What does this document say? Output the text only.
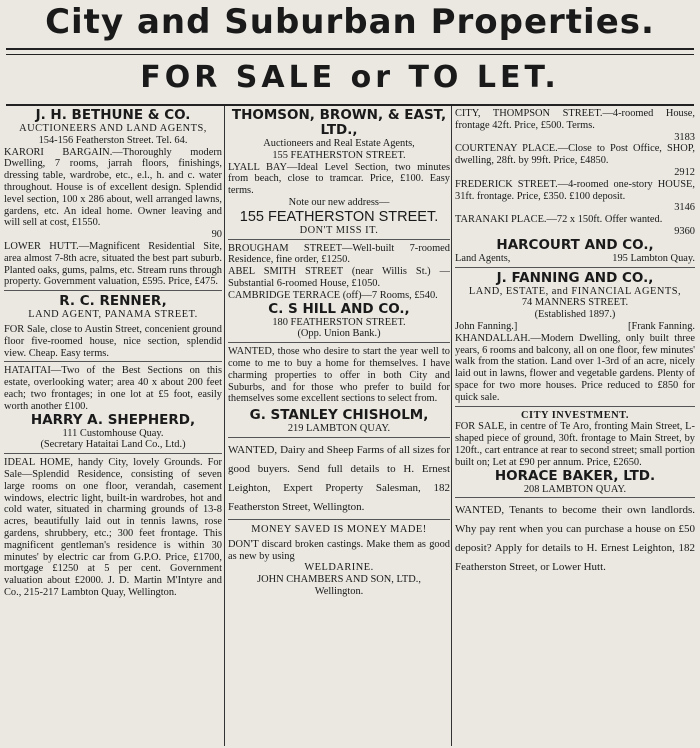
City and Suburban Properties.
FOR SALE or TO LET.
J. H. BETHUNE & CO.
AUCTIONEERS AND LAND AGENTS,
154-156 Featherston Street. Tel. 64.

KARORI BARGAIN.—Thoroughly modern Dwelling, 7 rooms, jarrah floors, finishings, dressing table, wardrobe, etc., e.l., h. and c. water throughout. House is of excellent design. Splendid level section, 100 x 286 about, well arranged lawns, gardens, etc. An ideal home. Owner leaving and will sell at cost, £1550.

90

LOWER HUTT.—Magnificent Residential Site, area almost 7-8th acre, situated the best part suburb. Planted oaks, gums, palms, etc. Stream runs through property. Government valuation, £595. Price, £475.

R. C. RENNER,
LAND AGENT, PANAMA STREET.

FOR Sale, close to Austin Street, concenient ground floor five-roomed house, nice section, splendid view. Cheap. Easy terms.

HATAITAI—Two of the Best Sections on this estate, overlooking water; area 40 x about 200 feet each; two frontages; in one lot at £5 foot, easily worth another £100.

HARRY A. SHEPHERD,
111 Customhouse Quay.
(Secretary Hataitai Land Co., Ltd.)

IDEAL HOME, handy City, lovely Grounds. For Sale—Splendid Residence, consisting of seven large rooms on one floor, verandah, casement windows, electric light, built-in wardrobes, hot and cold water, situated in charming grounds of 13-8 acres, beautifully laid out in tennis lawns, rose gardens, shrubbery, etc.; 300 feet frontage. This magnificent gentleman's residence is within 30 minutes' by electric car from G.P.O. Price, £1700, mortgage £1250 at 5 per cent. Government valuation about £2000. J. D. Martin M'Intyre and Co., 215-217 Lambton Quay, Wellington.

THOMSON, BROWN, & EAST, LTD.,
Auctioneers and Real Estate Agents,
155 FEATHERSTON STREET.

LYALL BAY—Ideal Level Section, two minutes from beach, close to tramcar. Price, £100. Easy terms.

Note our new address—
155 FEATHERSTON STREET.
DON'T MISS IT.

BROUGHAM STREET—Well-built 7-roomed Residence, fine order, £1250.

ABEL SMITH STREET (near Willis St.) —Substantial 6-roomed House, £1050.

CAMBRIDGE TERRACE (off)—7 Rooms, £540.

C. S HILL AND CO.,
180 FEATHERSTON STREET.
(Opp. Union Bank.)

WANTED, those who desire to start the year well to come to me to buy a home for themselves. I have charming properties to offer in both City and Suburbs, and for those who prefer to build for themselves some excellent sections to select from.

G. STANLEY CHISHOLM,
219 LAMBTON QUAY.

WANTED, Dairy and Sheep Farms of all sizes for good buyers. Send full details to H. Ernest Leighton, Expert Property Salesman, 182 Featherston Street, Wellington.

MONEY SAVED IS MONEY MADE!

DON'T discard broken castings. Make them as good as new by using

WELDARINE.
JOHN CHAMBERS AND SON, LTD.,
Wellington.

CITY, THOMPSON STREET.—4-roomed House, frontage 42ft. Price, £500. Terms.

3183

COURTENAY PLACE.—Close to Post Office, SHOP, dwelling, 28ft. by 99ft. Price, £4850.

2912

FREDERICK STREET.—4-roomed one-story HOUSE, 31ft. frontage. Price, £350. £100 deposit.

3146

TARANAKI PLACE.—72 x 150ft. Offer wanted.

9360
HARCOURT AND CO.,
Land Agents,	195 Lambton Quay.
J. FANNING AND CO.,
LAND, ESTATE, and FINANCIAL AGENTS,
74 MANNERS STREET.
(Established 1897.)
John Fanning.]	[Frank Fanning.

KHANDALLAH.—Modern Dwelling, only built three years, 6 rooms and balcony, all on one floor, few minutes' walk from the station. Land over 1-3rd of an acre, nicely laid out in lawns, flower and vegetable gardens. Plenty of space for two more houses. Price reduced to £850 for quick sale.

CITY INVESTMENT.

FOR SALE, in centre of Te Aro, fronting Main Street, L-shaped piece of ground, 30ft. frontage to Main Street, by 120ft., cart entrance at rear to second street; small portion built on; Let at £90 per annum. Price, £2650.

HORACE BAKER, LTD.
208 LAMBTON QUAY.

WANTED, Tenants to become their own landlords. Why pay rent when you can purchase a house on £50 deposit? Apply for details to H. Ernest Leighton, 182 Featherston Street, or Lower Hutt.
